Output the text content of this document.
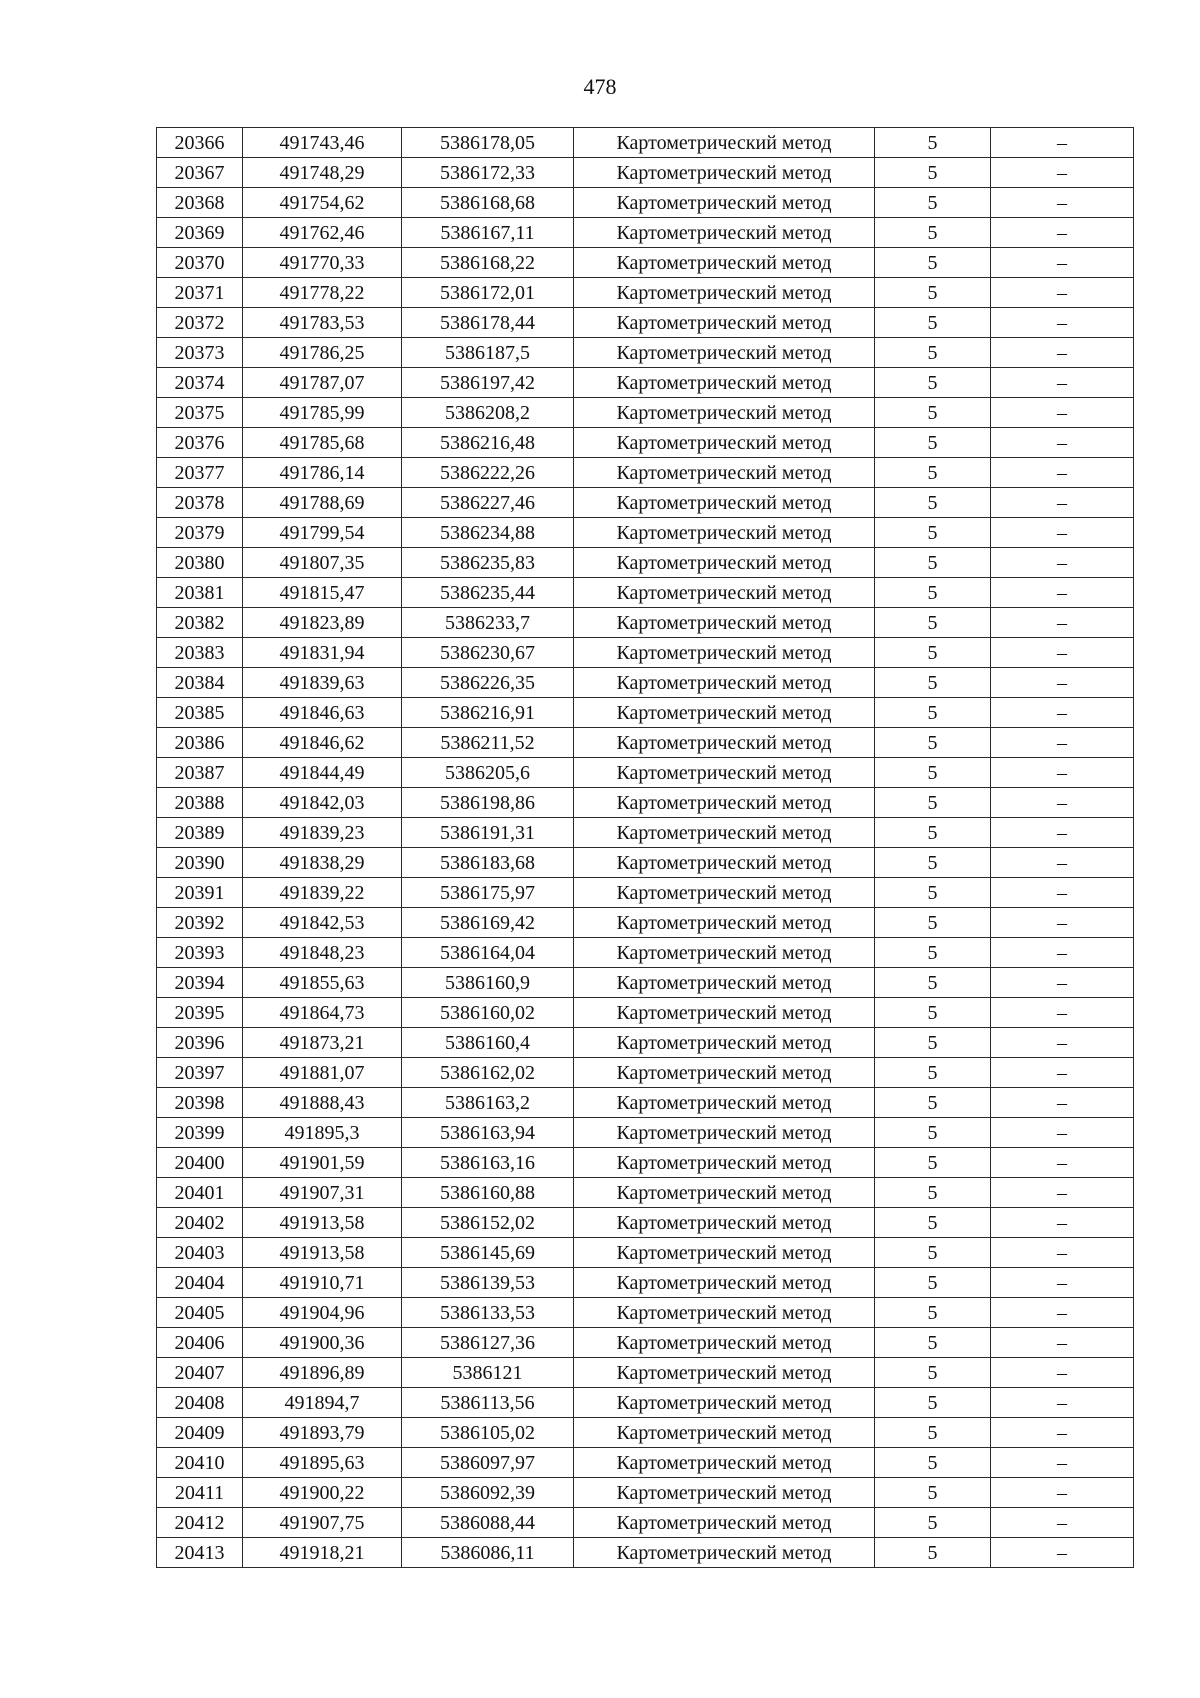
478
20366	491743,46	5386178,05	Картометрический метод	5	–
20367	491748,29	5386172,33	Картометрический метод	5	–
20368	491754,62	5386168,68	Картометрический метод	5	–
20369	491762,46	5386167,11	Картометрический метод	5	–
20370	491770,33	5386168,22	Картометрический метод	5	–
20371	491778,22	5386172,01	Картометрический метод	5	–
20372	491783,53	5386178,44	Картометрический метод	5	–
20373	491786,25	5386187,5	Картометрический метод	5	–
20374	491787,07	5386197,42	Картометрический метод	5	–
20375	491785,99	5386208,2	Картометрический метод	5	–
20376	491785,68	5386216,48	Картометрический метод	5	–
20377	491786,14	5386222,26	Картометрический метод	5	–
20378	491788,69	5386227,46	Картометрический метод	5	–
20379	491799,54	5386234,88	Картометрический метод	5	–
20380	491807,35	5386235,83	Картометрический метод	5	–
20381	491815,47	5386235,44	Картометрический метод	5	–
20382	491823,89	5386233,7	Картометрический метод	5	–
20383	491831,94	5386230,67	Картометрический метод	5	–
20384	491839,63	5386226,35	Картометрический метод	5	–
20385	491846,63	5386216,91	Картометрический метод	5	–
20386	491846,62	5386211,52	Картометрический метод	5	–
20387	491844,49	5386205,6	Картометрический метод	5	–
20388	491842,03	5386198,86	Картометрический метод	5	–
20389	491839,23	5386191,31	Картометрический метод	5	–
20390	491838,29	5386183,68	Картометрический метод	5	–
20391	491839,22	5386175,97	Картометрический метод	5	–
20392	491842,53	5386169,42	Картометрический метод	5	–
20393	491848,23	5386164,04	Картометрический метод	5	–
20394	491855,63	5386160,9	Картометрический метод	5	–
20395	491864,73	5386160,02	Картометрический метод	5	–
20396	491873,21	5386160,4	Картометрический метод	5	–
20397	491881,07	5386162,02	Картометрический метод	5	–
20398	491888,43	5386163,2	Картометрический метод	5	–
20399	491895,3	5386163,94	Картометрический метод	5	–
20400	491901,59	5386163,16	Картометрический метод	5	–
20401	491907,31	5386160,88	Картометрический метод	5	–
20402	491913,58	5386152,02	Картометрический метод	5	–
20403	491913,58	5386145,69	Картометрический метод	5	–
20404	491910,71	5386139,53	Картометрический метод	5	–
20405	491904,96	5386133,53	Картометрический метод	5	–
20406	491900,36	5386127,36	Картометрический метод	5	–
20407	491896,89	5386121	Картометрический метод	5	–
20408	491894,7	5386113,56	Картометрический метод	5	–
20409	491893,79	5386105,02	Картометрический метод	5	–
20410	491895,63	5386097,97	Картометрический метод	5	–
20411	491900,22	5386092,39	Картометрический метод	5	–
20412	491907,75	5386088,44	Картометрический метод	5	–
20413	491918,21	5386086,11	Картометрический метод	5	–
